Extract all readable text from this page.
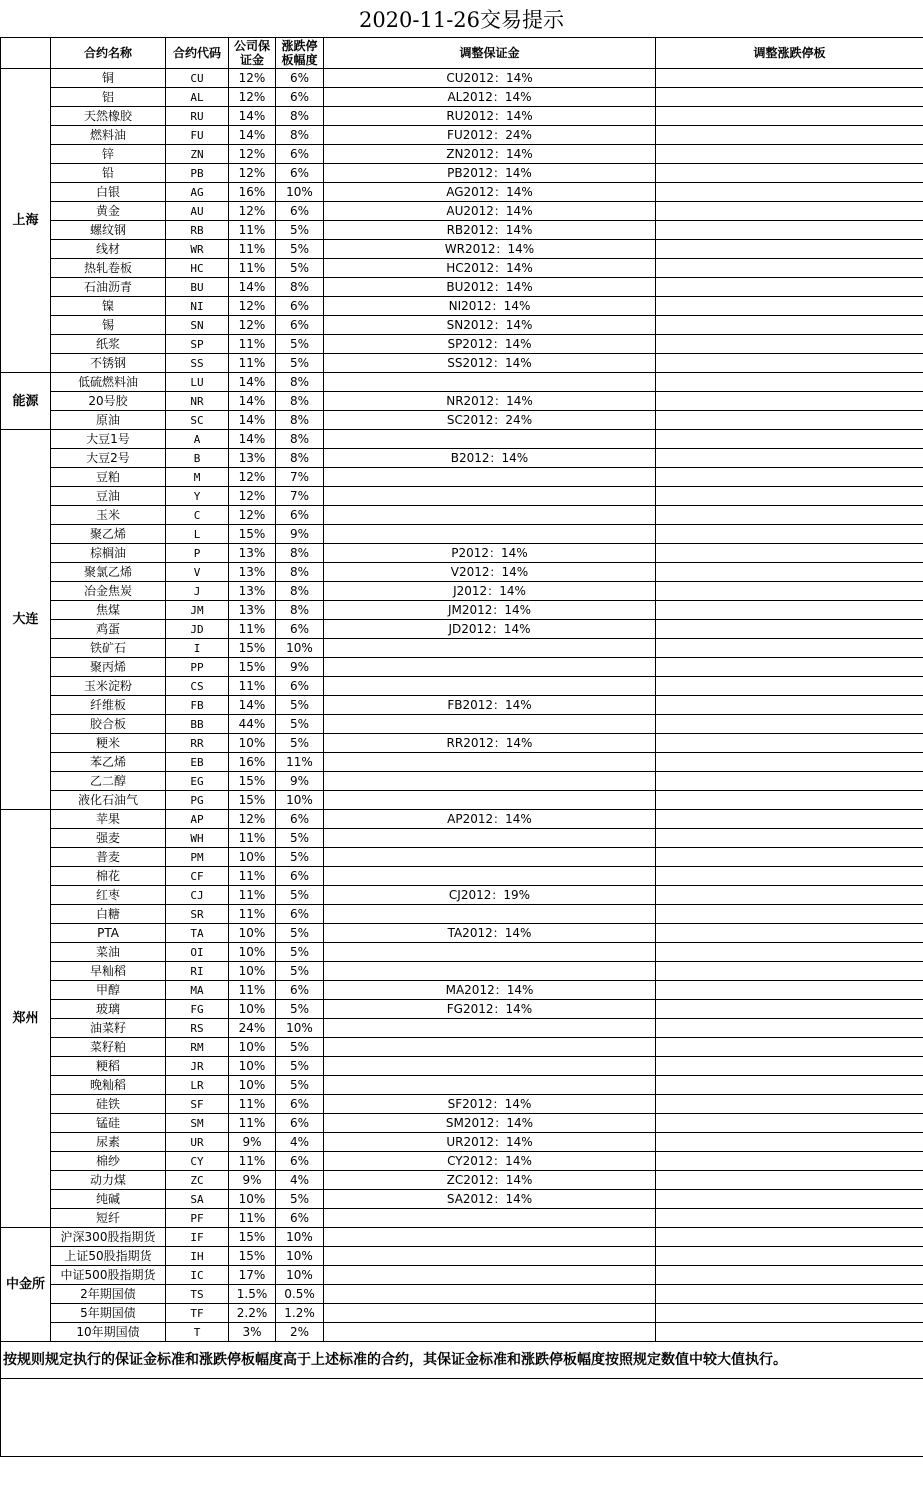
2020-11-26交易提示
	合约名称	合约代码	公司保证金	涨跌停板幅度	调整保证金	调整涨跌停板
上海	铜	CU	12%	6%	CU2012：14%	
	铝	AL	12%	6%	AL2012：14%	
	天然橡胶	RU	14%	8%	RU2012：14%	
	燃料油	FU	14%	8%	FU2012：24%	
	锌	ZN	12%	6%	ZN2012：14%	
	铅	PB	12%	6%	PB2012：14%	
	白银	AG	16%	10%	AG2012：14%	
	黄金	AU	12%	6%	AU2012：14%	
	螺纹钢	RB	11%	5%	RB2012：14%	
	线材	WR	11%	5%	WR2012：14%	
	热轧卷板	HC	11%	5%	HC2012：14%	
	石油沥青	BU	14%	8%	BU2012：14%	
	镍	NI	12%	6%	NI2012：14%	
	锡	SN	12%	6%	SN2012：14%	
	纸浆	SP	11%	5%	SP2012：14%	
	不锈钢	SS	11%	5%	SS2012：14%	
能源	低硫燃料油	LU	14%	8%		
	20号胶	NR	14%	8%	NR2012：14%	
	原油	SC	14%	8%	SC2012：24%	
大连	大豆1号	A	14%	8%		
	大豆2号	B	13%	8%	B2012：14%	
	豆粕	M	12%	7%		
	豆油	Y	12%	7%		
	玉米	C	12%	6%		
	聚乙烯	L	15%	9%		
	棕榈油	P	13%	8%	P2012：14%	
	聚氯乙烯	V	13%	8%	V2012：14%	
	冶金焦炭	J	13%	8%	J2012：14%	
	焦煤	JM	13%	8%	JM2012：14%	
	鸡蛋	JD	11%	6%	JD2012：14%	
	铁矿石	I	15%	10%		
	聚丙烯	PP	15%	9%		
	玉米淀粉	CS	11%	6%		
	纤维板	FB	14%	5%	FB2012：14%	
	胶合板	BB	44%	5%		
	粳米	RR	10%	5%	RR2012：14%	
	苯乙烯	EB	16%	11%		
	乙二醇	EG	15%	9%		
	液化石油气	PG	15%	10%		
郑州	苹果	AP	12%	6%	AP2012：14%	
	强麦	WH	11%	5%		
	普麦	PM	10%	5%		
	棉花	CF	11%	6%		
	红枣	CJ	11%	5%	CJ2012：19%	
	白糖	SR	11%	6%		
	PTA	TA	10%	5%	TA2012：14%	
	菜油	OI	10%	5%		
	早籼稻	RI	10%	5%		
	甲醇	MA	11%	6%	MA2012：14%	
	玻璃	FG	10%	5%	FG2012：14%	
	油菜籽	RS	24%	10%		
	菜籽粕	RM	10%	5%		
	粳稻	JR	10%	5%		
	晚籼稻	LR	10%	5%		
	硅铁	SF	11%	6%	SF2012：14%	
	锰硅	SM	11%	6%	SM2012：14%	
	尿素	UR	9%	4%	UR2012：14%	
	棉纱	CY	11%	6%	CY2012：14%	
	动力煤	ZC	9%	4%	ZC2012：14%	
	纯碱	SA	10%	5%	SA2012：14%	
	短纤	PF	11%	6%		
中金所	沪深300股指期货	IF	15%	10%		
	上证50股指期货	IH	15%	10%		
	中证500股指期货	IC	17%	10%		
	2年期国债	TS	1.5%	0.5%		
	5年期国债	TF	2.2%	1.2%		
	10年期国债	T	3%	2%		
按规则规定执行的保证金标准和涨跌停板幅度高于上述标准的合约，其保证金标准和涨跌停板幅度按照规定数值中较大值执行。						
